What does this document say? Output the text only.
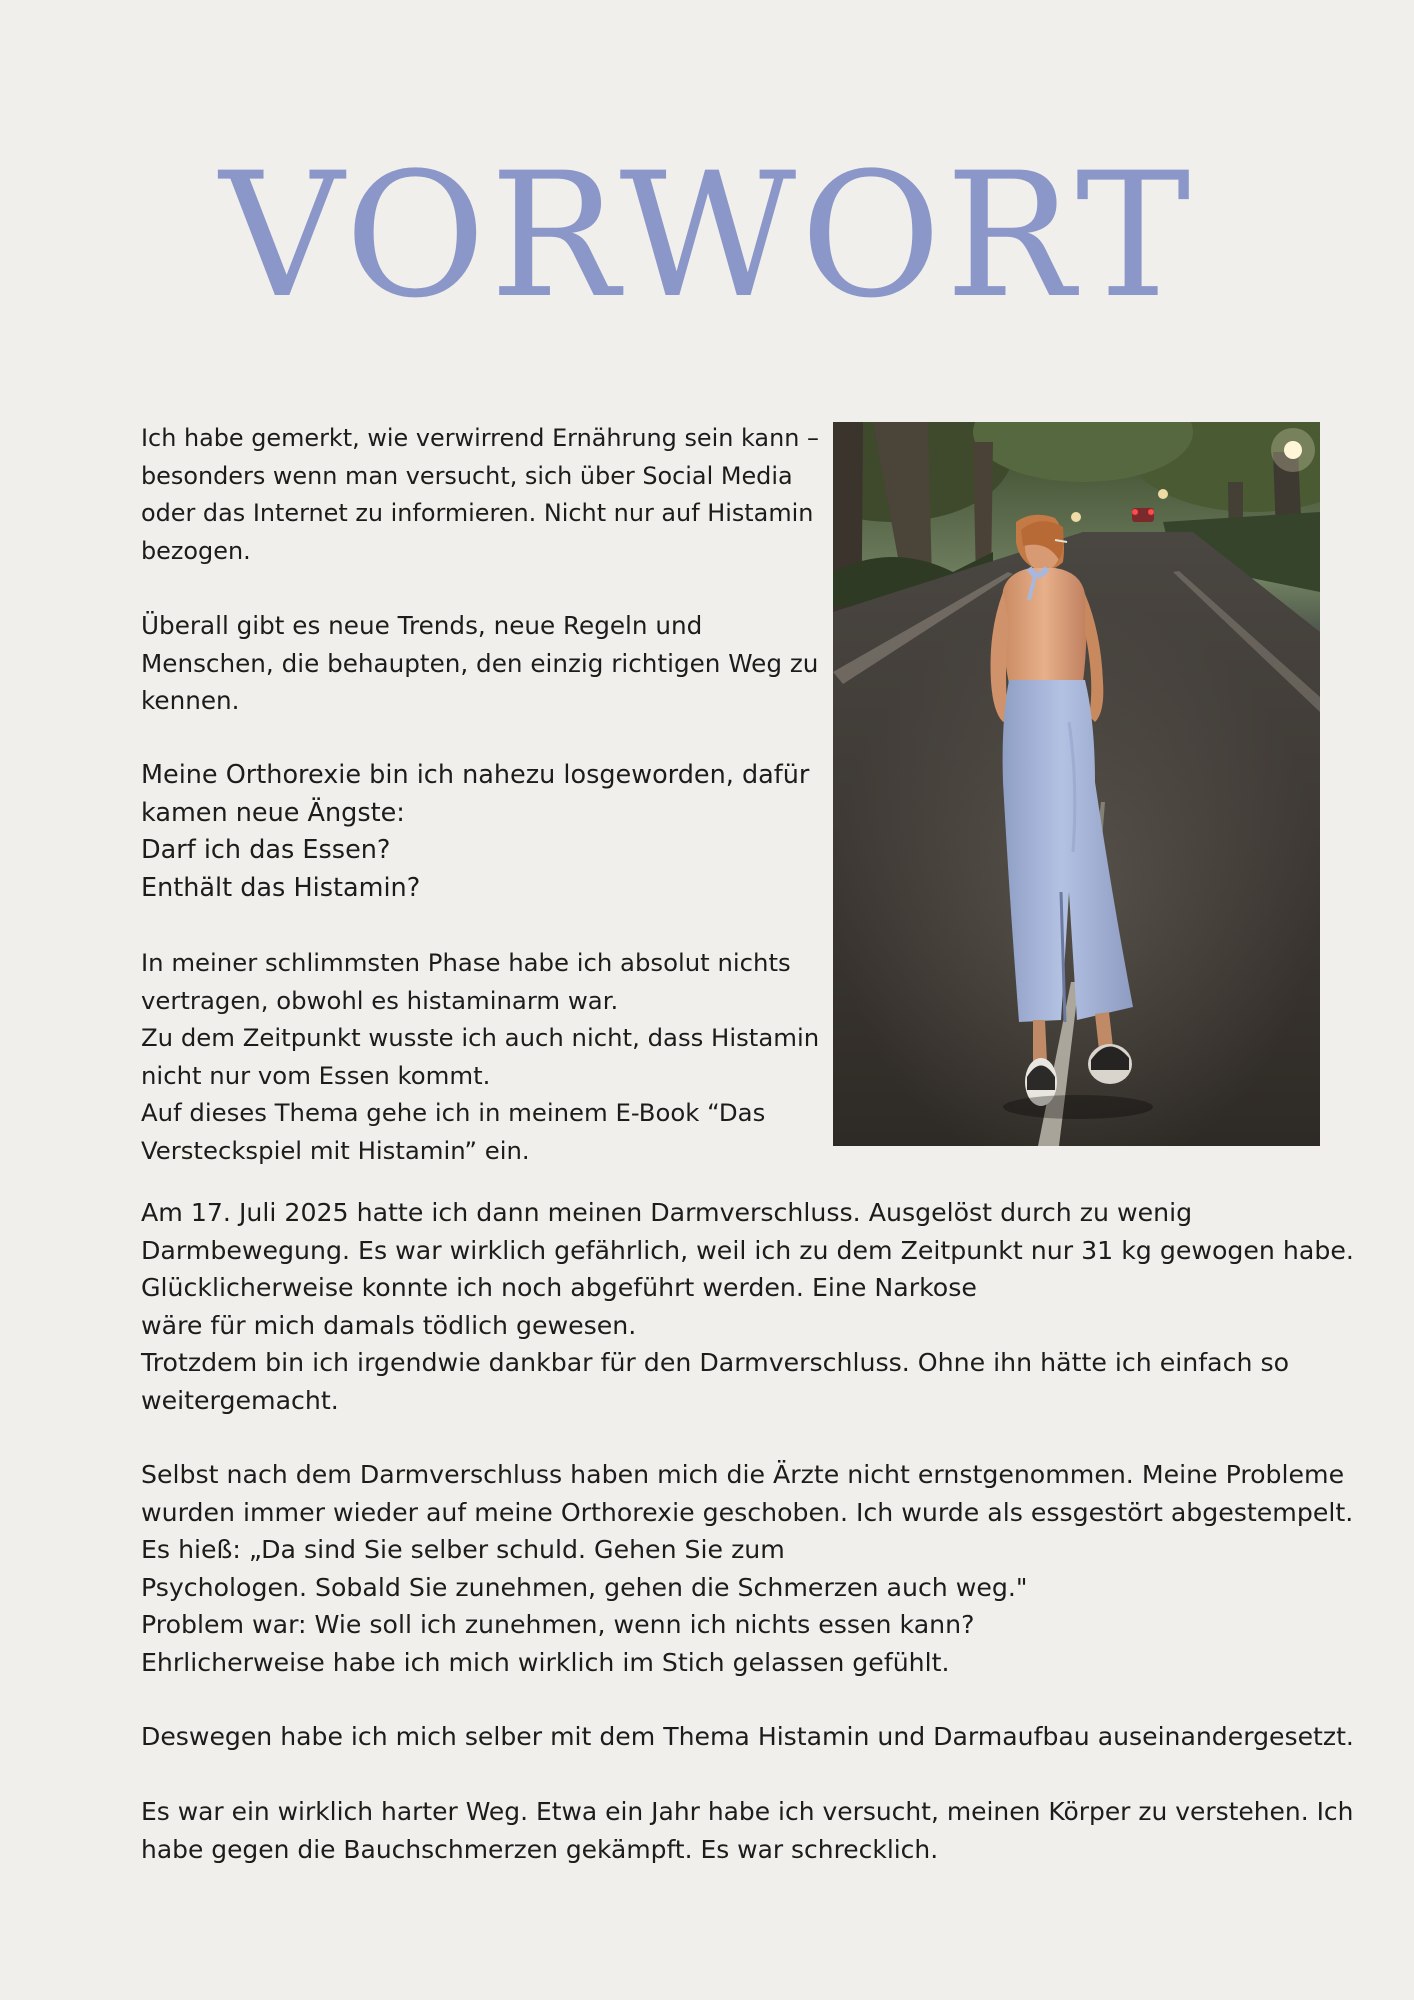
VORWORT

Ich habe gemerkt, wie verwirrend Ernährung sein kann –
besonders wenn man versucht, sich über Social Media
oder das Internet zu informieren. Nicht nur auf Histamin
bezogen.

Überall gibt es neue Trends, neue Regeln und
Menschen, die behaupten, den einzig richtigen Weg zu
kennen.

Meine Orthorexie bin ich nahezu losgeworden, dafür
kamen neue Ängste:
Darf ich das Essen?
Enthält das Histamin?

In meiner schlimmsten Phase habe ich absolut nichts
vertragen, obwohl es histaminarm war.
Zu dem Zeitpunkt wusste ich auch nicht, dass Histamin
nicht nur vom Essen kommt.
Auf dieses Thema gehe ich in meinem E-Book “Das
Versteckspiel mit Histamin” ein.

Am 17. Juli 2025 hatte ich dann meinen Darmverschluss. Ausgelöst durch zu wenig
Darmbewegung. Es war wirklich gefährlich, weil ich zu dem Zeitpunkt nur 31 kg gewogen habe.
Glücklicherweise konnte ich noch abgeführt werden. Eine Narkose
wäre für mich damals tödlich gewesen.
Trotzdem bin ich irgendwie dankbar für den Darmverschluss. Ohne ihn hätte ich einfach so
weitergemacht.

Selbst nach dem Darmverschluss haben mich die Ärzte nicht ernstgenommen. Meine Probleme
wurden immer wieder auf meine Orthorexie geschoben. Ich wurde als essgestört abgestempelt.
Es hieß: „Da sind Sie selber schuld. Gehen Sie zum
Psychologen. Sobald Sie zunehmen, gehen die Schmerzen auch weg."
Problem war: Wie soll ich zunehmen, wenn ich nichts essen kann?
Ehrlicherweise habe ich mich wirklich im Stich gelassen gefühlt.

Deswegen habe ich mich selber mit dem Thema Histamin und Darmaufbau auseinandergesetzt.

Es war ein wirklich harter Weg. Etwa ein Jahr habe ich versucht, meinen Körper zu verstehen. Ich
habe gegen die Bauchschmerzen gekämpft. Es war schrecklich.
